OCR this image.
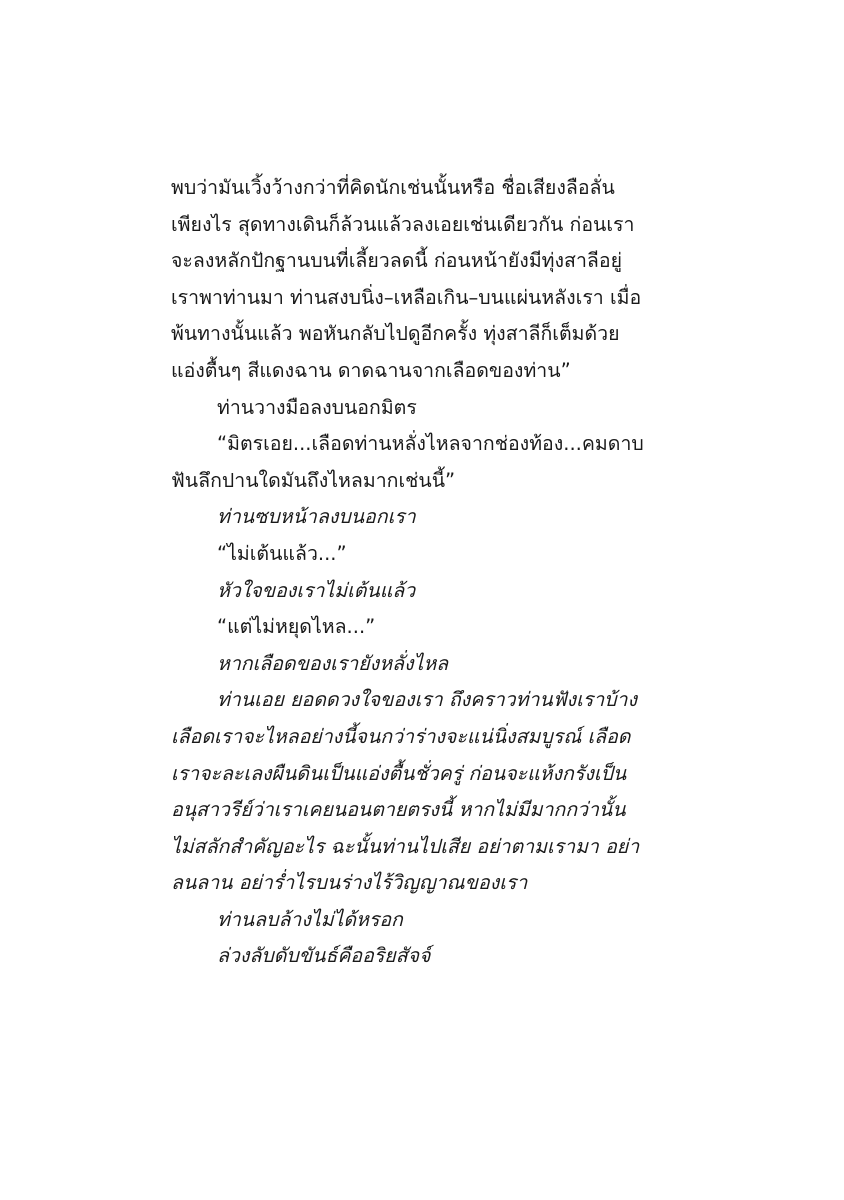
พบว่ามันเวิ้งว้างกว่าที่คิดนักเช่นนั้นหรือ ชื่อเสียงลือลั่น
เพียงไร สุดทางเดินก็ล้วนแล้วลงเอยเช่นเดียวกัน ก่อนเรา
จะลงหลักปักฐานบนที่เลี้ยวลดนี้ ก่อนหน้ายังมีทุ่งสาลีอยู่
เราพาท่านมา ท่านสงบนิ่ง–เหลือเกิน–บนแผ่นหลังเรา เมื่อ
พ้นทางนั้นแล้ว พอหันกลับไปดูอีกครั้ง ทุ่งสาลีก็เต็มด้วย
แอ่งตื้นๆ สีแดงฉาน ดาดฉานจากเลือดของท่าน”
ท่านวางมือลงบนอกมิตร
“มิตรเอย...เลือดท่านหลั่งไหลจากช่องท้อง...คมดาบ
ฟันลึกปานใดมันถึงไหลมากเช่นนี้”
ท่านซบหน้าลงบนอกเรา
“ไม่เต้นแล้ว...”
หัวใจของเราไม่เต้นแล้ว
“แต่ไม่หยุดไหล...”
หากเลือดของเรายังหลั่งไหล
ท่านเอย ยอดดวงใจของเรา ถึงคราวท่านฟังเราบ้าง
เลือดเราจะไหลอย่างนี้จนกว่าร่างจะแน่นิ่งสมบูรณ์ เลือด
เราจะละเลงผืนดินเป็นแอ่งตื้นชั่วครู่ ก่อนจะแห้งกรังเป็น
อนุสาวรีย์ว่าเราเคยนอนตายตรงนี้ หากไม่มีมากกว่านั้น
ไม่สลักสำคัญอะไร ฉะนั้นท่านไปเสีย อย่าตามเรามา อย่า
ลนลาน อย่าร่ำไรบนร่างไร้วิญญาณของเรา
ท่านลบล้างไม่ได้หรอก
ล่วงลับดับขันธ์คืออริยสัจจ์
